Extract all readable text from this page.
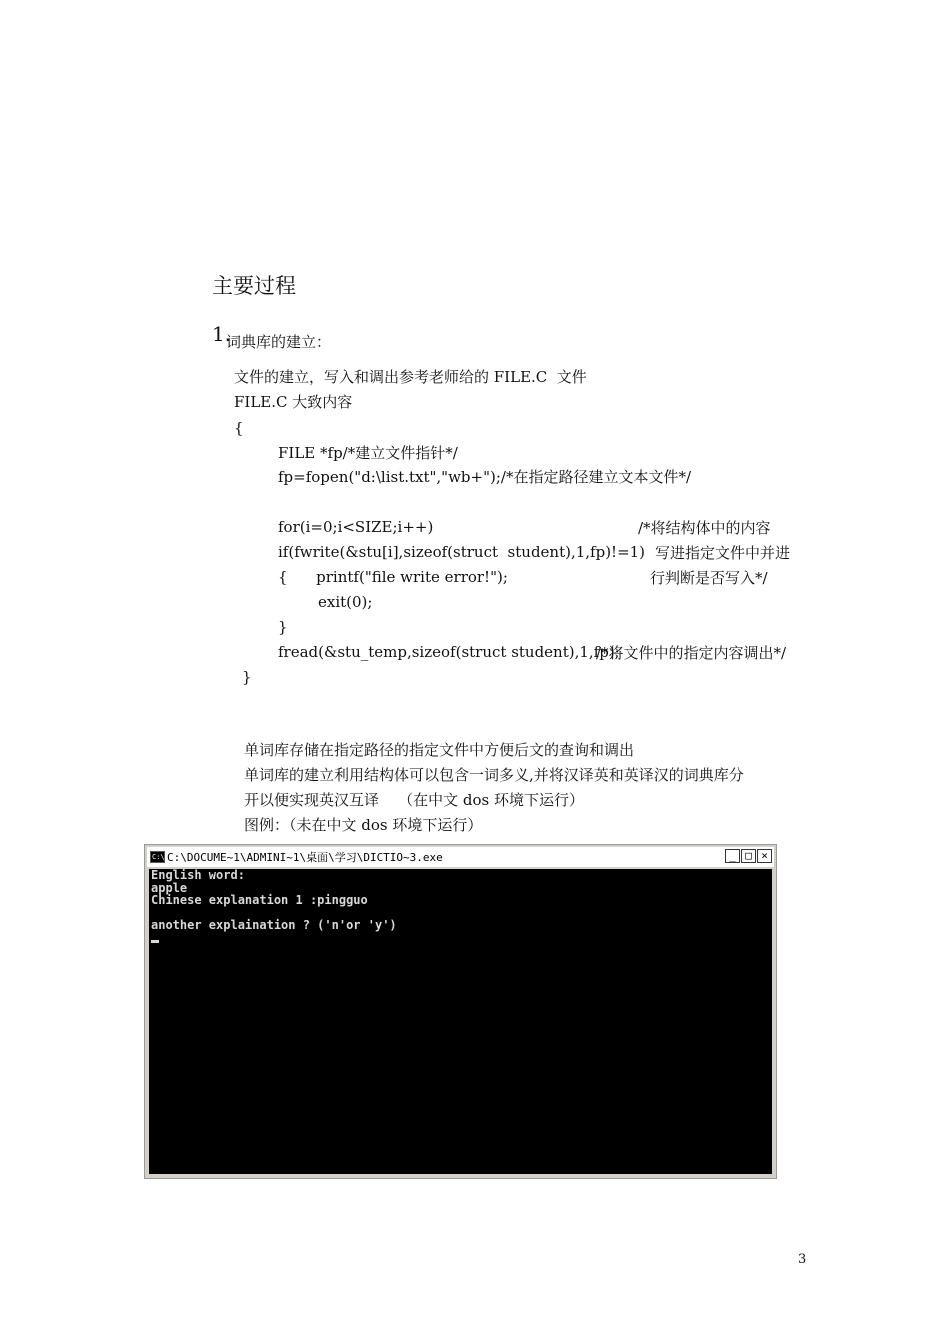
主要过程
1.
词典库的建立：
文件的建立，写入和调出参考老师给的 FILE.C  文件
FILE.C 大致内容
{
FILE *fp/*建立文件指针*/
fp=fopen("d:\list.txt","wb+");/*在指定路径建立文本文件*/
for(i=0;i<SIZE;i++)
if(fwrite(&stu[i],sizeof(struct  student),1,fp)!=1)
{      printf("file write error!");
exit(0);
}
fread(&stu_temp,sizeof(struct student),1,fp);
}
/*将结构体中的内容
写进指定文件中并进
行判断是否写入*/
/*将文件中的指定内容调出*/
单词库存储在指定路径的指定文件中方便后文的查询和调出
单词库的建立利用结构体可以包含一词多义,并将汉译英和英译汉的词典库分
开以便实现英汉互译    （在中文 dos 环境下运行）
图例：（未在中文 dos 环境下运行）
C:\ C:\DOCUME~1\ADMINI~1\桌面\学习\DICTIO~3.exe	_ □ ×
English word:
apple
Chinese explanation 1 :pingguo
another explaination ? ('n'or 'y')
3
